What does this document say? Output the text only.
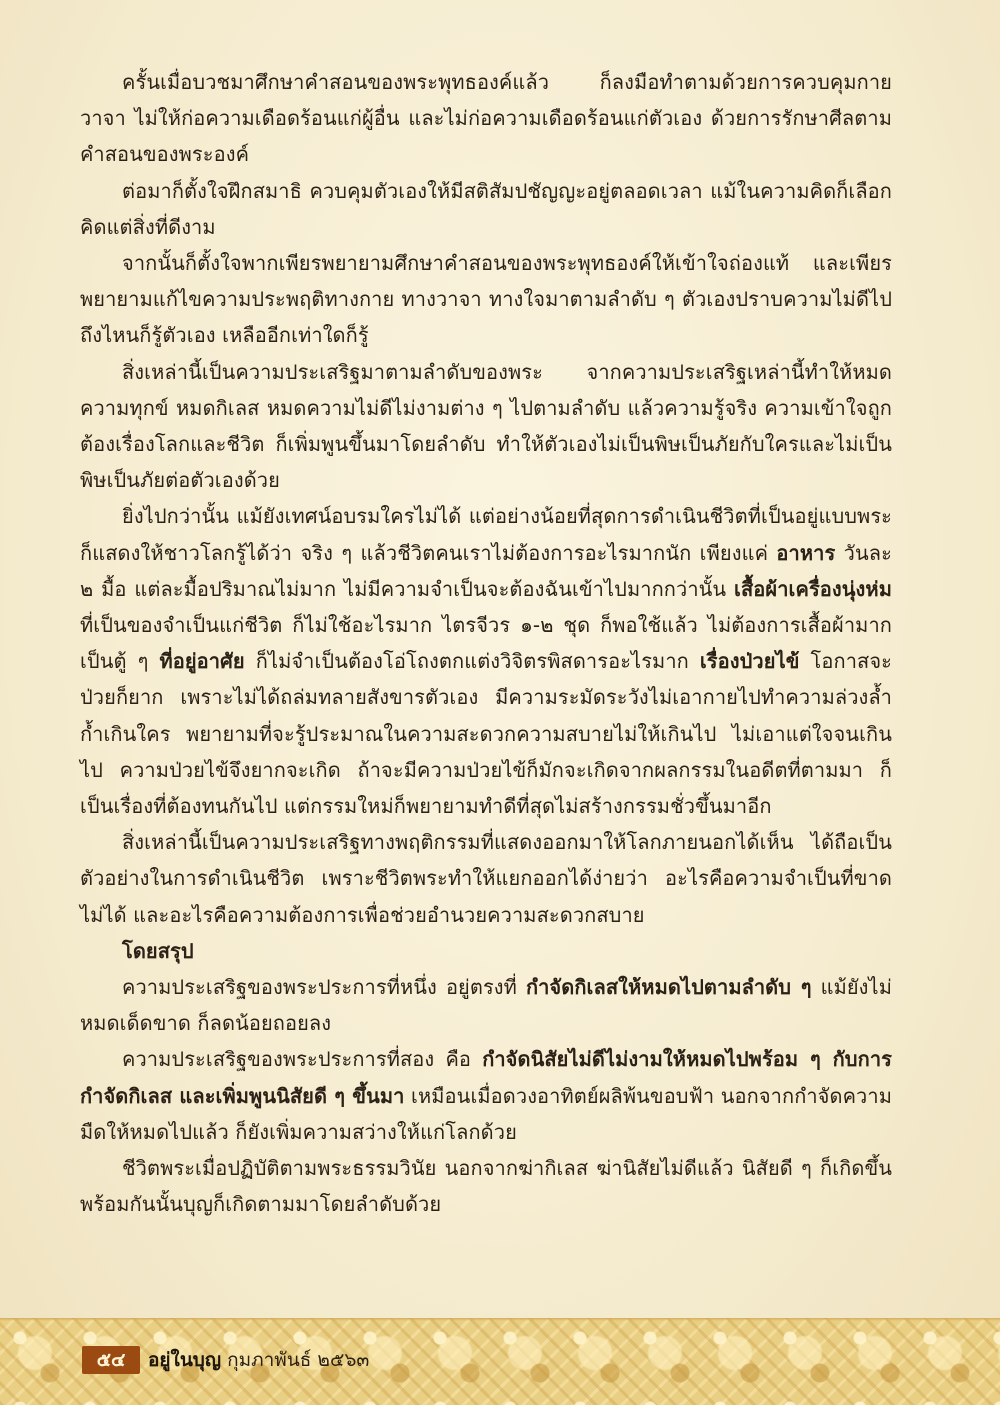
ครั้นเมื่อบวชมาศึกษาคำสอนของพระพุทธองค์แล้ว ก็ลงมือทำตามด้วยการควบคุมกาย วาจา ไม่ให้ก่อความเดือดร้อนแก่ผู้อื่น และไม่ก่อความเดือดร้อนแก่ตัวเอง ด้วยการรักษาศีลตามคำสอนของพระองค์

ต่อมาก็ตั้งใจฝึกสมาธิ ควบคุมตัวเองให้มีสติสัมปชัญญะอยู่ตลอดเวลา แม้ในความคิดก็เลือกคิดแต่สิ่งที่ดีงาม

จากนั้นก็ตั้งใจพากเพียรพยายามศึกษาคำสอนของพระพุทธองค์ให้เข้าใจถ่องแท้ และเพียรพยายามแก้ไขความประพฤติทางกาย ทางวาจา ทางใจมาตามลำดับ ๆ ตัวเองปราบความไม่ดีไปถึงไหนก็รู้ตัวเอง เหลืออีกเท่าใดก็รู้

สิ่งเหล่านี้เป็นความประเสริฐมาตามลำดับของพระ จากความประเสริฐเหล่านี้ทำให้หมดความทุกข์ หมดกิเลส หมดความไม่ดีไม่งามต่าง ๆ ไปตามลำดับ แล้วความรู้จริง ความเข้าใจถูกต้องเรื่องโลกและชีวิต ก็เพิ่มพูนขึ้นมาโดยลำดับ ทำให้ตัวเองไม่เป็นพิษเป็นภัยกับใครและไม่เป็นพิษเป็นภัยต่อตัวเองด้วย

ยิ่งไปกว่านั้น แม้ยังเทศน์อบรมใครไม่ได้ แต่อย่างน้อยที่สุดการดำเนินชีวิตที่เป็นอยู่แบบพระ ก็แสดงให้ชาวโลกรู้ได้ว่า จริง ๆ แล้วชีวิตคนเราไม่ต้องการอะไรมากนัก เพียงแค่ อาหาร วันละ ๒ มื้อ แต่ละมื้อปริมาณไม่มาก ไม่มีความจำเป็นจะต้องฉันเข้าไปมากกว่านั้น เสื้อผ้าเครื่องนุ่งห่ม ที่เป็นของจำเป็นแก่ชีวิต ก็ไม่ใช้อะไรมาก ไตรจีวร ๑-๒ ชุด ก็พอใช้แล้ว ไม่ต้องการเสื้อผ้ามากเป็นตู้ ๆ ที่อยู่อาศัย ก็ไม่จำเป็นต้องโอ่โถงตกแต่งวิจิตรพิสดารอะไรมาก เรื่องป่วยไข้ โอกาสจะป่วยก็ยาก เพราะไม่ได้ถล่มทลายสังขารตัวเอง มีความระมัดระวังไม่เอากายไปทำความล่วงล้ำก้ำเกินใคร พยายามที่จะรู้ประมาณในความสะดวกความสบายไม่ให้เกินไป ไม่เอาแต่ใจจนเกินไป ความป่วยไข้จึงยากจะเกิด ถ้าจะมีความป่วยไข้ก็มักจะเกิดจากผลกรรมในอดีตที่ตามมา ก็เป็นเรื่องที่ต้องทนกันไป แต่กรรมใหม่ก็พยายามทำดีที่สุดไม่สร้างกรรมชั่วขึ้นมาอีก

สิ่งเหล่านี้เป็นความประเสริฐทางพฤติกรรมที่แสดงออกมาให้โลกภายนอกได้เห็น ได้ถือเป็นตัวอย่างในการดำเนินชีวิต เพราะชีวิตพระทำให้แยกออกได้ง่ายว่า อะไรคือความจำเป็นที่ขาดไม่ได้ และอะไรคือความต้องการเพื่อช่วยอำนวยความสะดวกสบาย

โดยสรุป

ความประเสริฐของพระประการที่หนึ่ง อยู่ตรงที่ กำจัดกิเลสให้หมดไปตามลำดับ ๆ แม้ยังไม่หมดเด็ดขาด ก็ลดน้อยถอยลง

ความประเสริฐของพระประการที่สอง คือ กำจัดนิสัยไม่ดีไม่งามให้หมดไปพร้อม ๆ กับการกำจัดกิเลส และเพิ่มพูนนิสัยดี ๆ ขึ้นมา เหมือนเมื่อดวงอาทิตย์ผลิพ้นขอบฟ้า นอกจากกำจัดความมืดให้หมดไปแล้ว ก็ยังเพิ่มความสว่างให้แก่โลกด้วย

ชีวิตพระเมื่อปฏิบัติตามพระธรรมวินัย นอกจากฆ่ากิเลส ฆ่านิสัยไม่ดีแล้ว นิสัยดี ๆ ก็เกิดขึ้น พร้อมกันนั้นบุญก็เกิดตามมาโดยลำดับด้วย

๕๔	อยู่ในบุญ กุมภาพันธ์ ๒๕๖๓
